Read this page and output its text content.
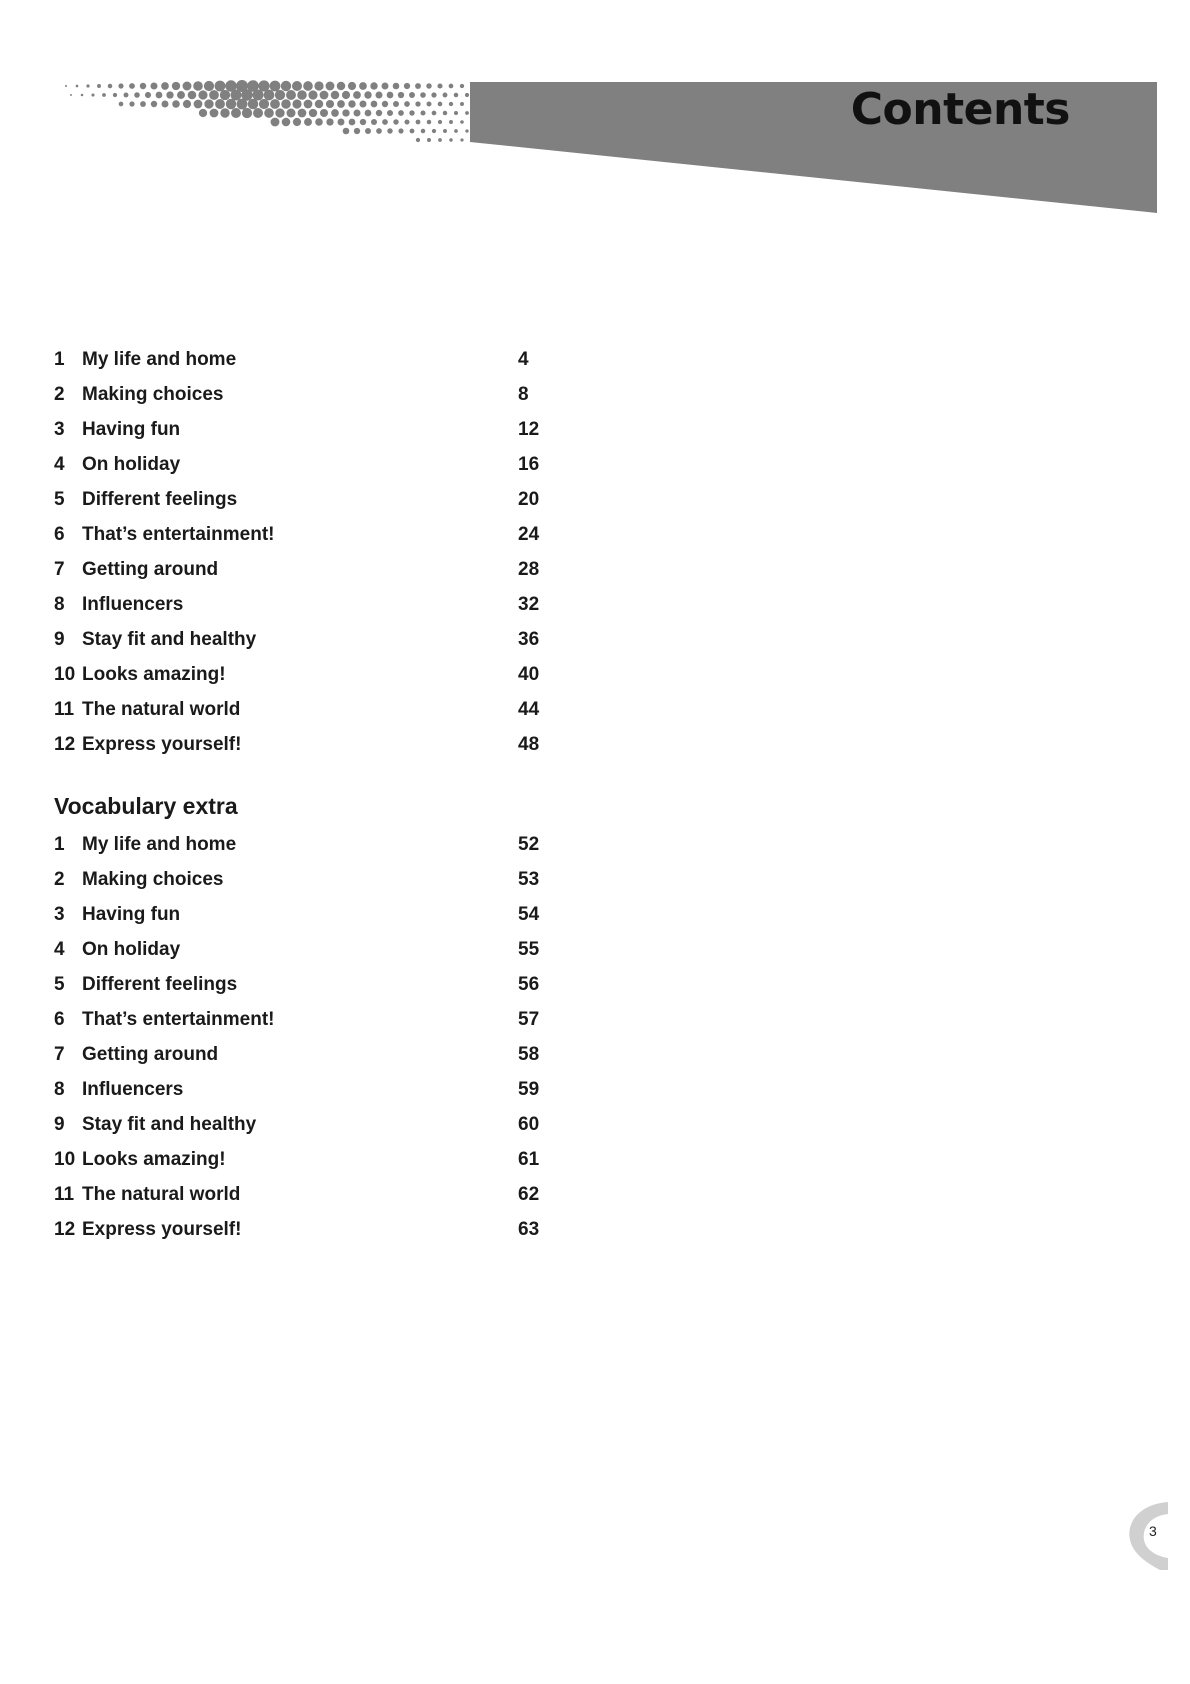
Contents
1 My life and home	4
2 Making choices	8
3 Having fun	12
4 On holiday	16
5 Different feelings	20
6 That’s entertainment!	24
7 Getting around	28
8 Influencers	32
9 Stay fit and healthy	36
10 Looks amazing!	40
11 The natural world	44
12 Express yourself!	48
Vocabulary extra
1 My life and home	52
2 Making choices	53
3 Having fun	54
4 On holiday	55
5 Different feelings	56
6 That’s entertainment!	57
7 Getting around	58
8 Influencers	59
9 Stay fit and healthy	60
10 Looks amazing!	61
11 The natural world	62
12 Express yourself!	63
3
